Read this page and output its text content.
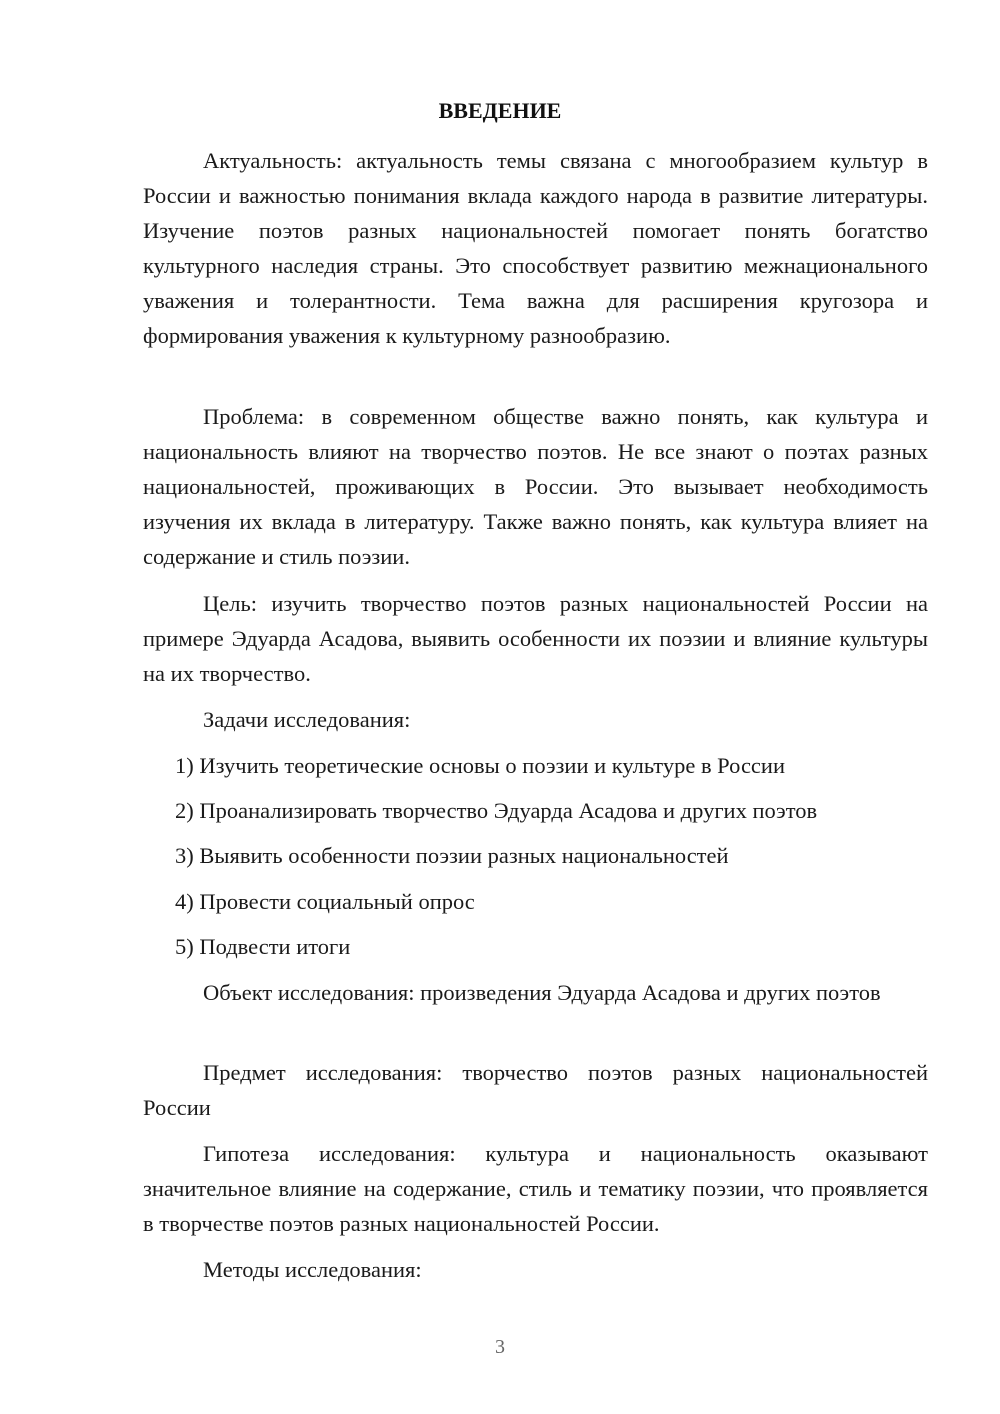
ВВЕДЕНИЕ

Актуальность: актуальность темы связана с многообразием культур в России и важностью понимания вклада каждого народа в развитие литературы. Изучение поэтов разных национальностей помогает понять богатство культурного наследия страны. Это способствует развитию межнационального уважения и толерантности. Тема важна для расширения кругозора и формирования уважения к культурному разнообразию.

Проблема: в современном обществе важно понять, как культура и национальность влияют на творчество поэтов. Не все знают о поэтах разных национальностей, проживающих в России. Это вызывает необходимость изучения их вклада в литературу. Также важно понять, как культура влияет на содержание и стиль поэзии.

Цель: изучить творчество поэтов разных национальностей России на примере Эдуарда Асадова, выявить особенности их поэзии и влияние культуры на их творчество.

Задачи исследования:

1) Изучить теоретические основы о поэзии и культуре в России

2) Проанализировать творчество Эдуарда Асадова и других поэтов

3) Выявить особенности поэзии разных национальностей

4) Провести социальный опрос

5) Подвести итоги

Объект исследования: произведения Эдуарда Асадова и других поэтов

Предмет исследования: творчество поэтов разных национальностей России

Гипотеза исследования: культура и национальность оказывают значительное влияние на содержание, стиль и тематику поэзии, что проявляется в творчестве поэтов разных национальностей России.

Методы исследования:

3
